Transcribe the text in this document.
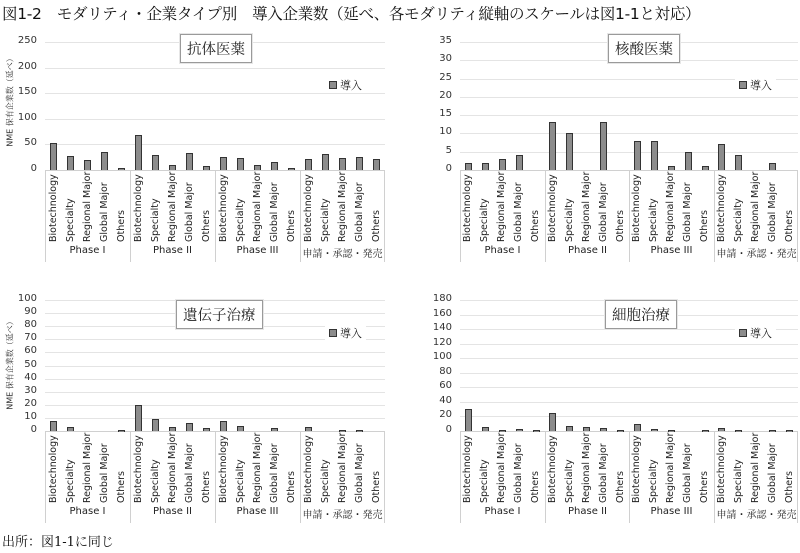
図1-2　モダリティ・企業タイプ別　導入企業数（延べ、各モダリティ縦軸のスケールは図1-1と対応）
出所：図1-1に同じ
0
50
100
150
200
250
NME 保有企業数（延べ）
Phase I
Biotechnology Specialty Regional Major Global Major Others
Phase II
Biotechnology Specialty Regional Major Global Major Others
Phase III
Biotechnology Specialty Regional Major Global Major Others
申請・承認・発売
Biotechnology Specialty Regional Major Global Major Others
抗体医薬
導入
0
5
10
15
20
25
30
35
Phase I
Biotechnology Specialty Regional Major Global Major Others
Phase II
Biotechnology Specialty Regional Major Global Major Others
Phase III
Biotechnology Specialty Regional Major Global Major Others
申請・承認・発売
Biotechnology Specialty Regional Major Global Major Others
核酸医薬
導入
0
10
20
30
40
50
60
70
80
90
100
NME 保有企業数（延べ）
Phase I
Biotechnology Specialty Regional Major Global Major Others
Phase II
Biotechnology Specialty Regional Major Global Major Others
Phase III
Biotechnology Specialty Regional Major Global Major Others
申請・承認・発売
Biotechnology Specialty Regional Major Global Major Others
遺伝子治療
導入
0
20
40
60
80
100
120
140
160
180
Phase I
Biotechnology Specialty Regional Major Global Major Others
Phase II
Biotechnology Specialty Regional Major Global Major Others
Phase III
Biotechnology Specialty Regional Major Global Major Others
申請・承認・発売
Biotechnology Specialty Regional Major Global Major Others
細胞治療
導入
